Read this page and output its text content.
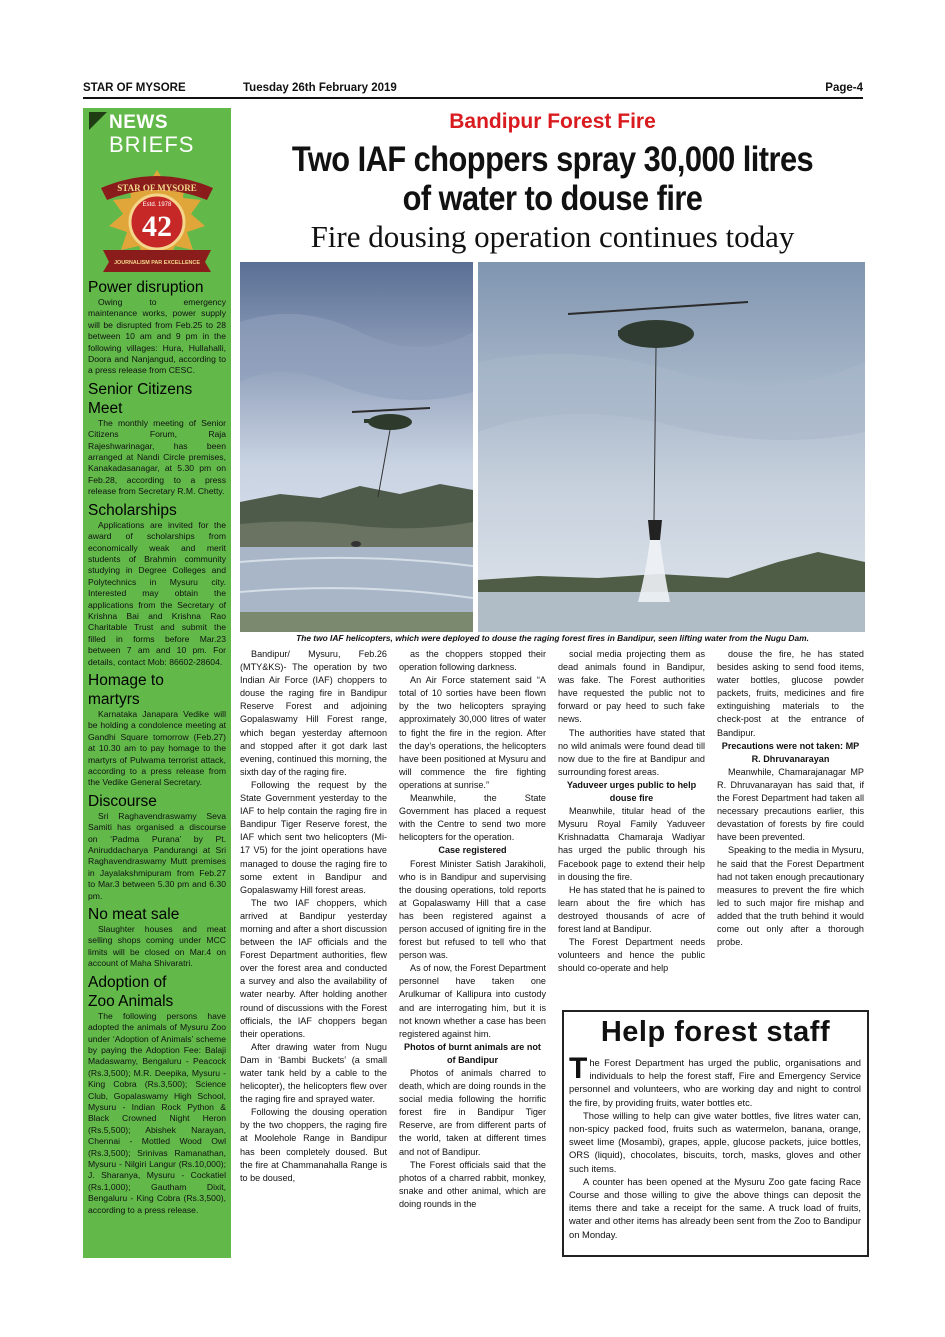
STAR OF MYSORE	Tuesday 26th February 2019	Page-4
NEWS
BRIEFS
STAR OF MYSORE
Estd. 1978
42
JOURNALISM PAR EXCELLENCE
Power disruption

Owing to emergency maintenance works, power supply will be disrupted from Feb.25 to 28 between 10 am and 9 pm in the following villages: Hura, Hullahalli, Doora and Nanjangud, according to a press release from CESC.

Senior Citizens Meet

The monthly meeting of Senior Citizens Forum, Raja Rajeshwarinagar, has been arranged at Nandi Circle premises, Kanakadasanagar, at 5.30 pm on Feb.28, according to a press release from Secretary R.M. Chetty.

Scholarships

Applications are invited for the award of scholarships from economically weak and merit students of Brahmin community studying in Degree Colleges and Polytechnics in Mysuru city. Interested may obtain the applications from the Secretary of Krishna Bai and Krishna Rao Charitable Trust and submit the filled in forms before Mar.23 between 7 am and 10 pm. For details, contact Mob: 86602-28604.

Homage to martyrs

Karnataka Janapara Vedike will be holding a condolence meeting at Gandhi Square tomorrow (Feb.27) at 10.30 am to pay homage to the martyrs of Pulwama terrorist attack, according to a press release from the Vedike General Secretary.

Discourse

Sri Raghavendraswamy Seva Samiti has organised a discourse on ‘Padma Purana’ by Pt. Aniruddacharya Pandurangi at Sri Raghavendraswamy Mutt premises in Jayalakshmipuram from Feb.27 to Mar.3 between 5.30 pm and 6.30 pm.

No meat sale

Slaughter houses and meat selling shops coming under MCC limits will be closed on Mar.4 on account of Maha Shivaratri.

Adoption of Zoo Animals

The following persons have adopted the animals of Mysuru Zoo under ‘Adoption of Animals’ scheme by paying the Adoption Fee: Balaji Madaswamy, Bengaluru - Peacock (Rs.3,500); M.R. Deepika, Mysuru - King Cobra (Rs.3,500); Science Club, Gopalaswamy High School, Mysuru - Indian Rock Python & Black Crowned Night Heron (Rs.5,500); Abishek Narayan, Chennai - Mottled Wood Owl (Rs.3,500); Srinivas Ramanathan, Mysuru - Nilgiri Langur (Rs.10,000); J. Sharanya, Mysuru - Cockatiel (Rs.1,000); Gautham Dixit, Bengaluru - King Cobra (Rs.3,500), according to a press release.

Bandipur Forest Fire
Two IAF choppers spray 30,000 litres of water to douse fire
Fire dousing operation continues today
The two IAF helicopters, which were deployed to douse the raging forest fires in Bandipur, seen lifting water from the Nugu Dam.

Bandipur/ Mysuru, Feb.26 (MTY&KS)- The operation by two Indian Air Force (IAF) choppers to douse the raging fire in Bandipur Reserve Forest and adjoining Gopalaswamy Hill Forest range, which began yesterday afternoon and stopped after it got dark last evening, continued this morning, the sixth day of the raging fire.

Following the request by the State Government yesterday to the IAF to help contain the raging fire in Bandipur Tiger Reserve forest, the IAF which sent two helicopters (Mi-17 V5) for the joint operations have managed to douse the raging fire to some extent in Bandipur and Gopalaswamy Hill forest areas.

The two IAF choppers, which arrived at Bandipur yesterday morning and after a short discussion between the IAF officials and the Forest Department authorities, flew over the forest area and conducted a survey and also the availability of water nearby. After holding another round of discussions with the Forest officials, the IAF choppers began their operations.

After drawing water from Nugu Dam in ‘Bambi Buckets’ (a small water tank held by a cable to the helicopter), the helicopters flew over the raging fire and sprayed water.

Following the dousing operation by the two choppers, the raging fire at Moolehole Range in Bandipur has been completely doused. But the fire at Chammanahalla Range is to be doused,

as the choppers stopped their operation following darkness.

An Air Force statement said “A total of 10 sorties have been flown by the two helicopters spraying approximately 30,000 litres of water to fight the fire in the region. After the day’s operations, the helicopters have been positioned at Mysuru and will commence the fire fighting operations at sunrise.”

Meanwhile, the State Government has placed a request with the Centre to send two more helicopters for the operation.

Case registered

Forest Minister Satish Jarakiholi, who is in Bandipur and supervising the dousing operations, told reports at Gopalaswamy Hill that a case has been registered against a person accused of igniting fire in the forest but refused to tell who that person was.

As of now, the Forest Department personnel have taken one Arulkumar of Kallipura into custody and are interrogating him, but it is not known whether a case has been registered against him.

Photos of burnt animals are not of Bandipur

Photos of animals charred to death, which are doing rounds in the social media following the horrific forest fire in Bandipur Tiger Reserve, are from different parts of the world, taken at different times and not of Bandipur.

The Forest officials said that the photos of a charred rabbit, monkey, snake and other animal, which are doing rounds in the

social media projecting them as dead animals found in Bandipur, was fake. The Forest authorities have requested the public not to forward or pay heed to such fake news.

The authorities have stated that no wild animals were found dead till now due to the fire at Bandipur and surrounding forest areas.

Yaduveer urges public to help douse fire

Meanwhile, titular head of the Mysuru Royal Family Yaduveer Krishnadatta Chamaraja Wadiyar has urged the public through his Facebook page to extend their help in dousing the fire.

He has stated that he is pained to learn about the fire which has destroyed thousands of acre of forest land at Bandipur.

The Forest Department needs volunteers and hence the public should co-operate and help

douse the fire, he has stated besides asking to send food items, water bottles, glucose powder packets, fruits, medicines and fire extinguishing materials to the check-post at the entrance of Bandipur.

Precautions were not taken: MP R. Dhruvanarayan

Meanwhile, Chamarajanagar MP R. Dhruvanarayan has said that, if the Forest Department had taken all necessary precautions earlier, this devastation of forests by fire could have been prevented.

Speaking to the media in Mysuru, he said that the Forest Department had not taken enough precautionary measures to prevent the fire which led to such major fire mishap and added that the truth behind it would come out only after a thorough probe.

Help forest staff

The Forest Department has urged the public, organisations and individuals to help the forest staff, Fire and Emergency Service personnel and volunteers, who are working day and night to control the fire, by providing fruits, water bottles etc.

Those willing to help can give water bottles, five litres water can, non-spicy packed food, fruits such as watermelon, banana, orange, sweet lime (Mosambi), grapes, apple, glucose packets, juice bottles, ORS (liquid), chocolates, biscuits, torch, masks, gloves and other such items.

A counter has been opened at the Mysuru Zoo gate facing Race Course and those willing to give the above things can deposit the items there and take a receipt for the same. A truck load of fruits, water and other items has already been sent from the Zoo to Bandipur on Monday.
